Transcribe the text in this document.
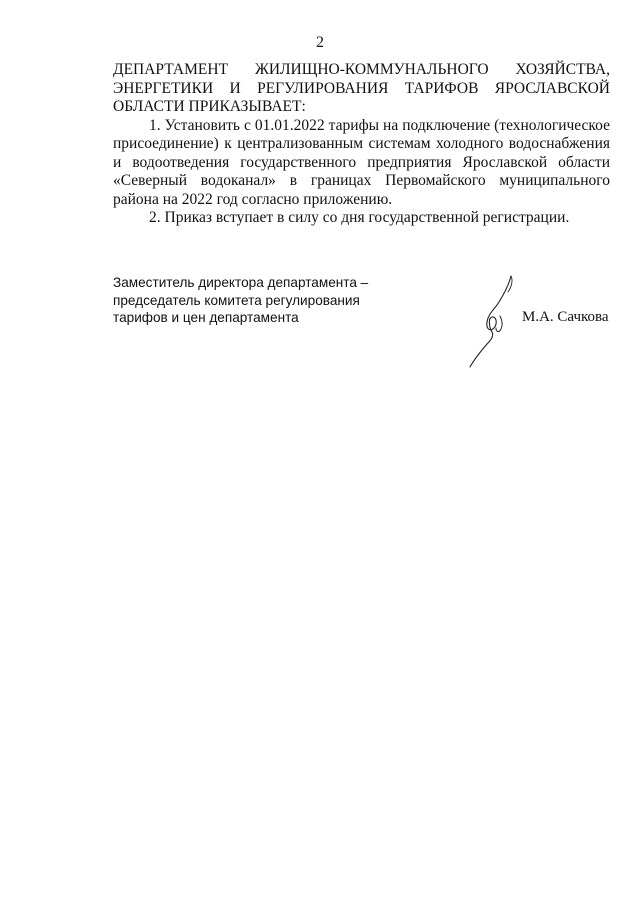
2

ДЕПАРТАМЕНТ ЖИЛИЩНО-КОММУНАЛЬНОГО ХОЗЯЙСТВА, ЭНЕРГЕТИКИ И РЕГУЛИРОВАНИЯ ТАРИФОВ ЯРОСЛАВСКОЙ ОБЛАСТИ ПРИКАЗЫВАЕТ:

1. Установить с 01.01.2022 тарифы на подключение (технологическое присоединение) к централизованным системам холодного водоснабжения и водоотведения государственного предприятия Ярославской области «Северный водоканал» в границах Первомайского муниципального района на 2022 год согласно приложению.

2. Приказ вступает в силу со дня государственной регистрации.

Заместитель директора департамента –
председатель комитета регулирования
тарифов и цен департамента	М.А. Сачкова
